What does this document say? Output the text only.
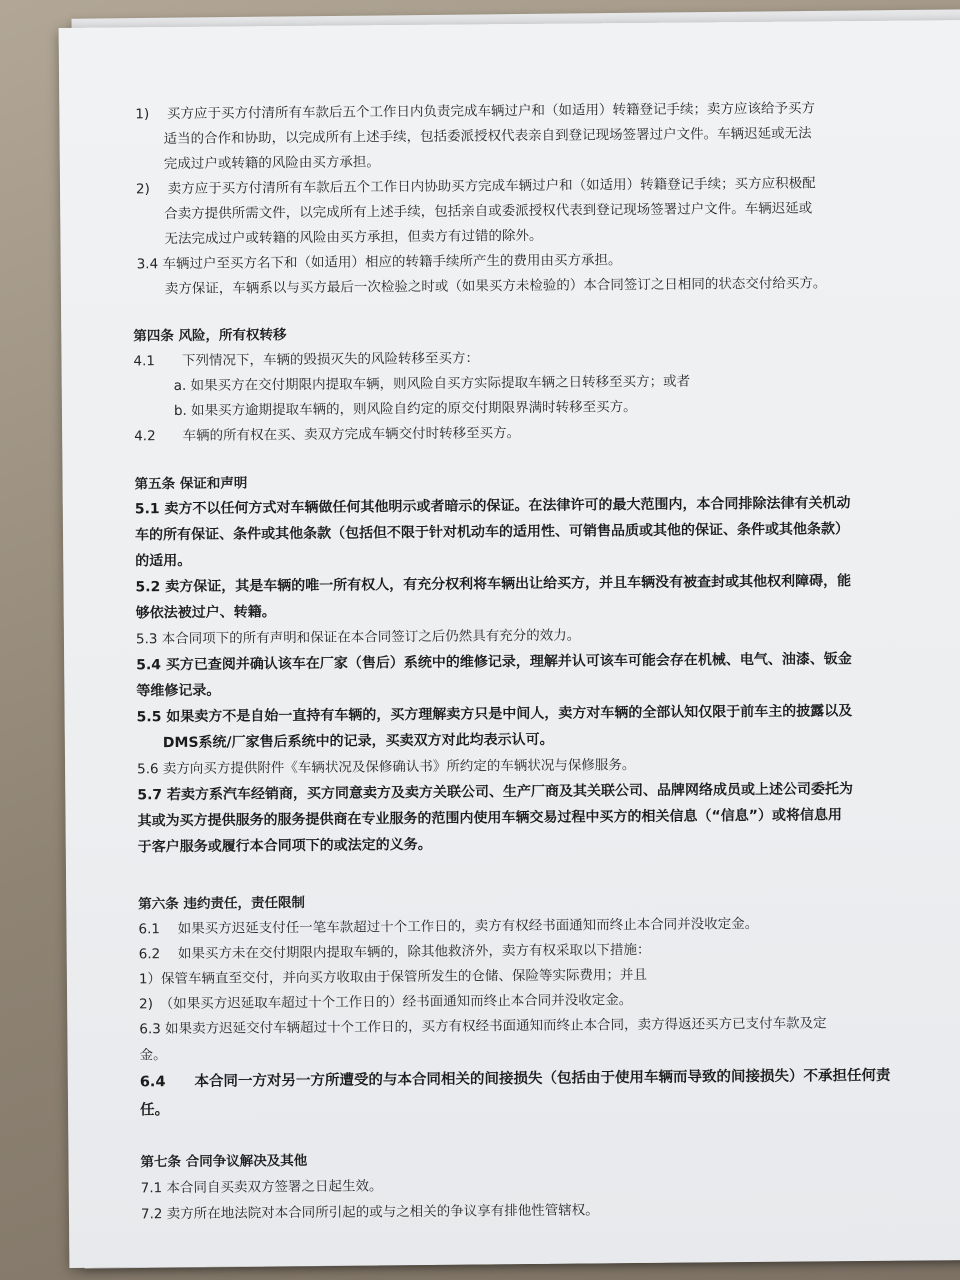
1)　 买方应于买方付清所有车款后五个工作日内负责完成车辆过户和（如适用）转籍登记手续；卖方应该给予买方
适当的合作和协助，以完成所有上述手续，包括委派授权代表亲自到登记现场签署过户文件。车辆迟延或无法
完成过户或转籍的风险由买方承担。
2)　 卖方应于买方付清所有车款后五个工作日内协助买方完成车辆过户和（如适用）转籍登记手续；买方应积极配
合卖方提供所需文件，以完成所有上述手续，包括亲自或委派授权代表到登记现场签署过户文件。车辆迟延或
无法完成过户或转籍的风险由买方承担，但卖方有过错的除外。
3.4 车辆过户至买方名下和（如适用）相应的转籍手续所产生的费用由买方承担。
卖方保证，车辆系以与买方最后一次检验之时或（如果买方未检验的）本合同签订之日相同的状态交付给买方。
第四条 风险，所有权转移
4.1　　下列情况下，车辆的毁损灭失的风险转移至买方：
a. 如果买方在交付期限内提取车辆，则风险自买方实际提取车辆之日转移至买方；或者
b. 如果买方逾期提取车辆的，则风险自约定的原交付期限界满时转移至买方。
4.2　　车辆的所有权在买、卖双方完成车辆交付时转移至买方。
第五条 保证和声明
5.1 卖方不以任何方式对车辆做任何其他明示或者暗示的保证。在法律许可的最大范围内，本合同排除法律有关机动
车的所有保证、条件或其他条款（包括但不限于针对机动车的适用性、可销售品质或其他的保证、条件或其他条款）
的适用。
5.2 卖方保证，其是车辆的唯一所有权人，有充分权利将车辆出让给买方，并且车辆没有被查封或其他权利障碍，能
够依法被过户、转籍。
5.3 本合同项下的所有声明和保证在本合同签订之后仍然具有充分的效力。
5.4 买方已查阅并确认该车在厂家（售后）系统中的维修记录，理解并认可该车可能会存在机械、电气、油漆、钣金
等维修记录。
5.5 如果卖方不是自始一直持有车辆的，买方理解卖方只是中间人，卖方对车辆的全部认知仅限于前车主的披露以及
DMS系统/厂家售后系统中的记录，买卖双方对此均表示认可。
5.6 卖方向买方提供附件《车辆状况及保修确认书》所约定的车辆状况与保修服务。
5.7 若卖方系汽车经销商，买方同意卖方及卖方关联公司、生产厂商及其关联公司、品牌网络成员或上述公司委托为
其或为买方提供服务的服务提供商在专业服务的范围内使用车辆交易过程中买方的相关信息（“信息”）或将信息用
于客户服务或履行本合同项下的或法定的义务。
第六条 违约责任，责任限制
6.1　 如果买方迟延支付任一笔车款超过十个工作日的，卖方有权经书面通知而终止本合同并没收定金。
6.2　 如果买方未在交付期限内提取车辆的，除其他救济外，卖方有权采取以下措施：
1）保管车辆直至交付，并向买方收取由于保管所发生的仓储、保险等实际费用；并且
2)　（如果买方迟延取车超过十个工作日的）经书面通知而终止本合同并没收定金。
6.3 如果卖方迟延交付车辆超过十个工作日的，买方有权经书面通知而终止本合同，卖方得返还买方已支付车款及定
金。
6.4　　本合同一方对另一方所遭受的与本合同相关的间接损失（包括由于使用车辆而导致的间接损失）不承担任何责
任。
第七条 合同争议解决及其他
7.1 本合同自买卖双方签署之日起生效。
7.2 卖方所在地法院对本合同所引起的或与之相关的争议享有排他性管辖权。
